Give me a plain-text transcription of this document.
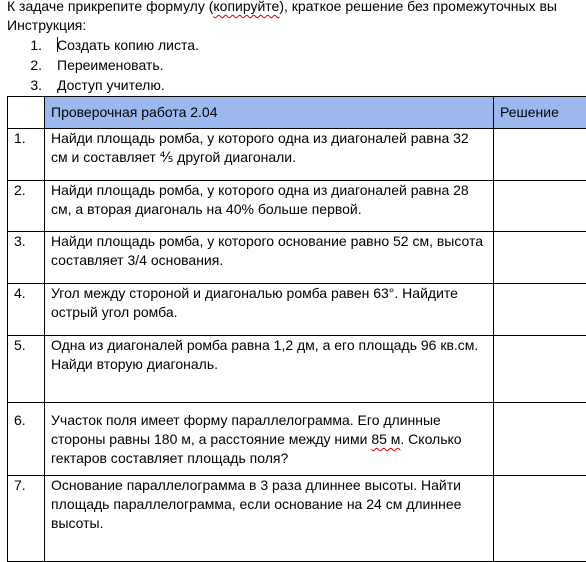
К задаче прикрепите формулу (копируйте), краткое решение без промежуточных вы
Инструкция:
1.	Создать копию листа.
2.	Переименовать.
3.	Доступ учителю.
	Проверочная работа 2.04	Решение
1.	Найди площадь ромба, у которого одна из диагоналей равна 32 см и составляет ⅘ другой диагонали.	
2.	Найди площадь ромба, у которого одна из диагоналей равна 28 см, а вторая диагональ на 40% больше первой.	
3.	Найди площадь ромба, у которого основание равно 52 см, высота составляет 3/4 основания.	
4.	Угол между стороной и диагональю ромба равен 63°. Найдите острый угол ромба.	
5.	Одна из диагоналей ромба равна 1,2 дм, а его площадь 96 кв.см. Найди вторую диагональ.	
6.	Участок поля имеет форму параллелограмма. Его длинные стороны равны 180 м, а расстояние между ними 85 м. Сколько гектаров составляет площадь поля?	
7.	Основание параллелограмма в 3 раза длиннее высоты. Найти площадь параллелограмма, если основание на 24 см длиннее высоты.	
